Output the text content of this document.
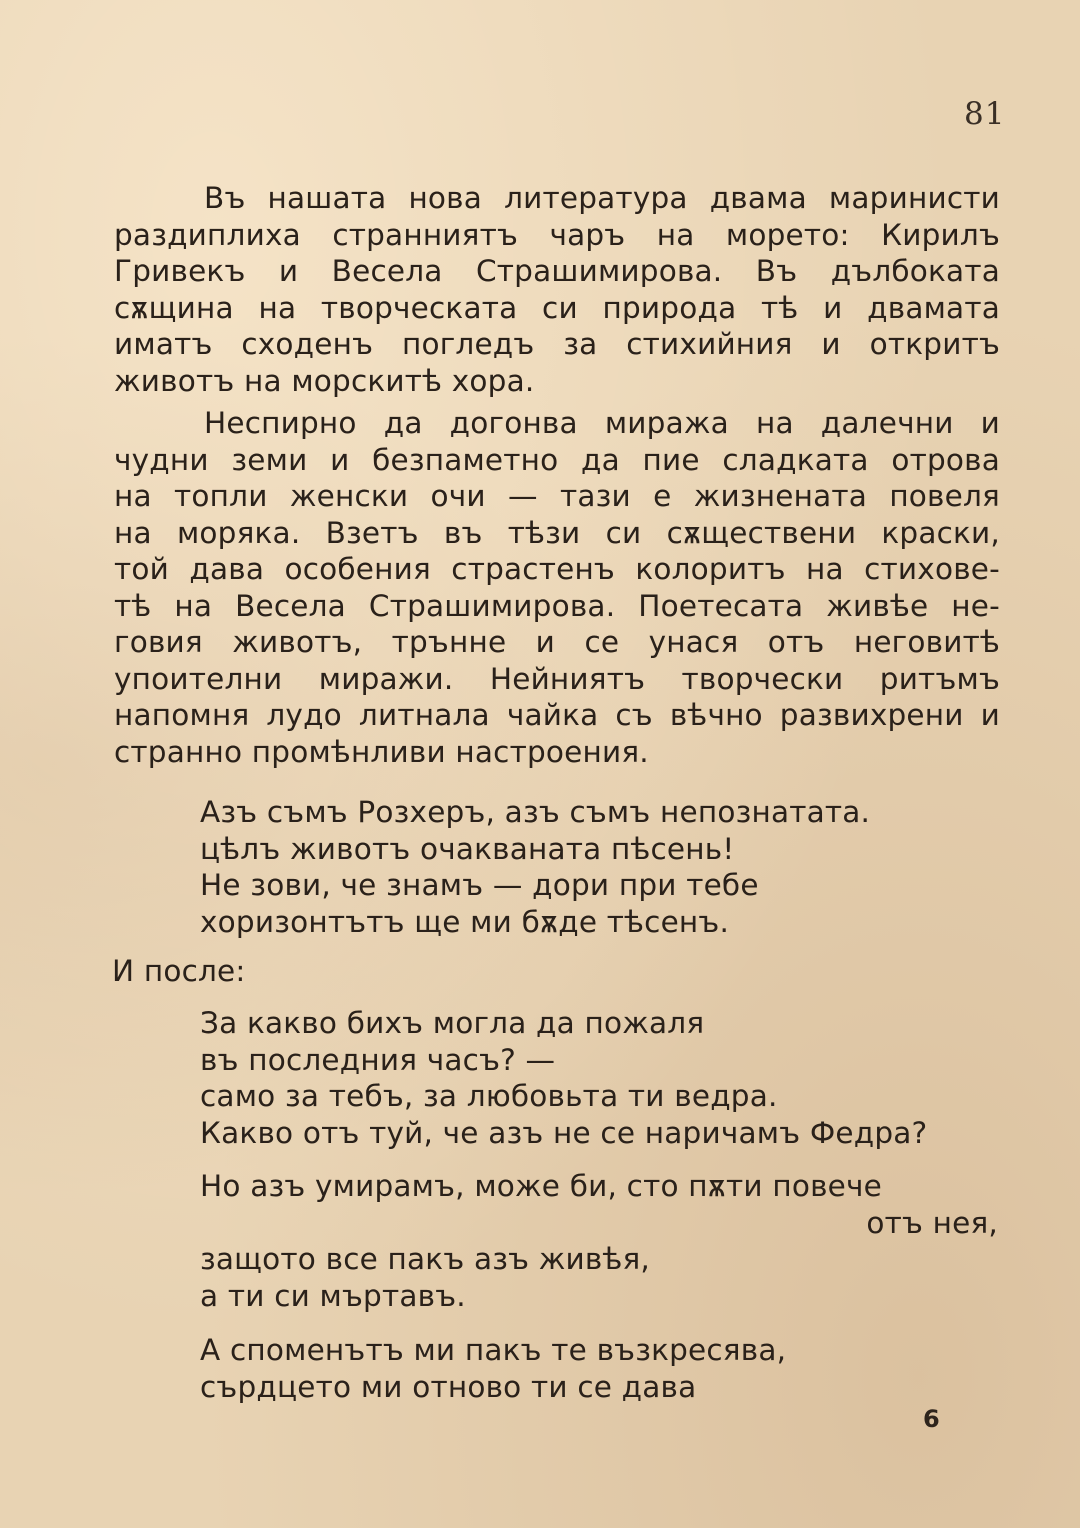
81
Въ нашата нова литература двама маринисти
раздиплиха странниятъ чаръ на морето: Кирилъ
Гривекъ и Весела Страшимирова. Въ дълбоката
сѫщина на творческата си природа тѣ и двамата
иматъ сходенъ погледъ за стихийния и откритъ
животъ на морскитѣ хора.
Неспирно да догонва миража на далечни и
чудни земи и безпаметно да пие сладката отрова
на топли женски очи — тази е жизнената повеля
на моряка. Взетъ въ тѣзи си сѫществени краски,
той дава особения страстенъ колоритъ на стихове-
тѣ на Весела Страшимирова. Поетесата живѣе не-
говия животъ, трънне и се унася отъ неговитѣ
упоителни миражи. Нейниятъ творчески ритъмъ
напомня лудо литнала чайка съ вѣчно развихрени и
странно промѣнливи настроения.
Азъ съмъ Розхеръ, азъ съмъ непознатата.
цѣлъ животъ очакваната пѣсень!
Не зови, че знамъ — дори при тебе
хоризонтътъ ще ми бѫде тѣсенъ.
И после:
За какво бихъ могла да пожаля
въ последния часъ? —
само за тебъ, за любовьта ти ведра.
Какво отъ туй, че азъ не се наричамъ Федра?
Но азъ умирамъ, може би, сто пѫти повече
отъ нея,
защото все пакъ азъ живѣя,
а ти си мъртавъ.
А споменътъ ми пакъ те възкресява,
сърдцето ми отново ти се дава
6
